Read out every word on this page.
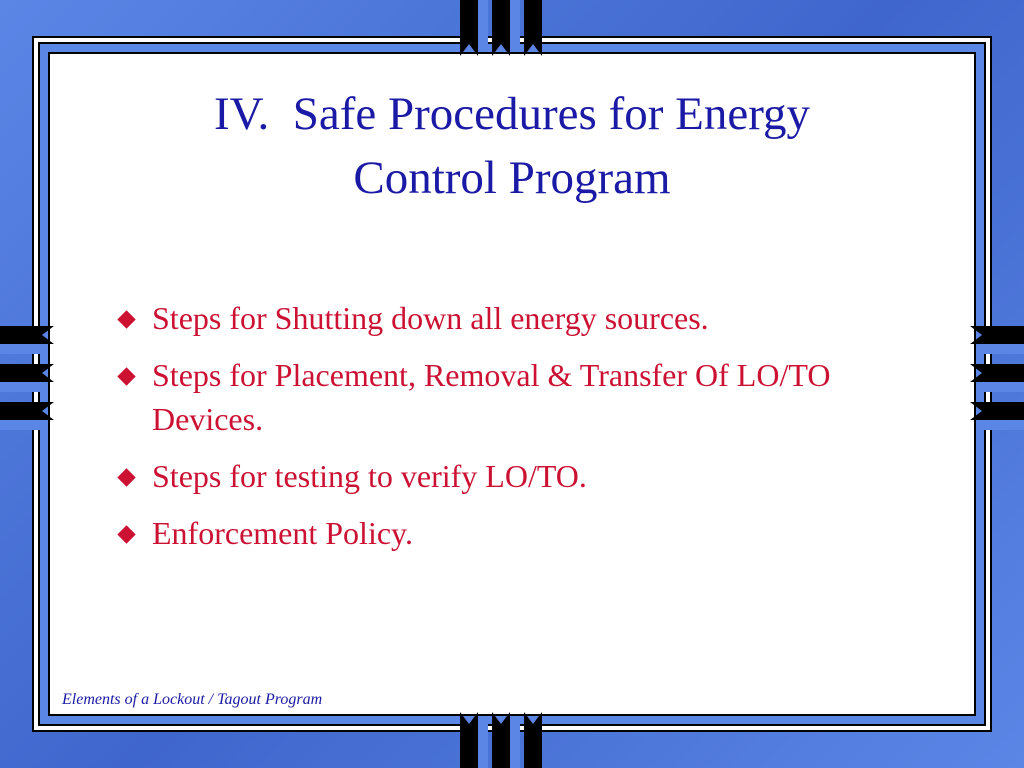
IV.  Safe Procedures for Energy
Control Program
Steps for Shutting down all energy sources.
Steps for Placement, Removal & Transfer Of LO/TO Devices.
Steps for testing to verify LO/TO.
Enforcement Policy.
Elements of a Lockout / Tagout Program
